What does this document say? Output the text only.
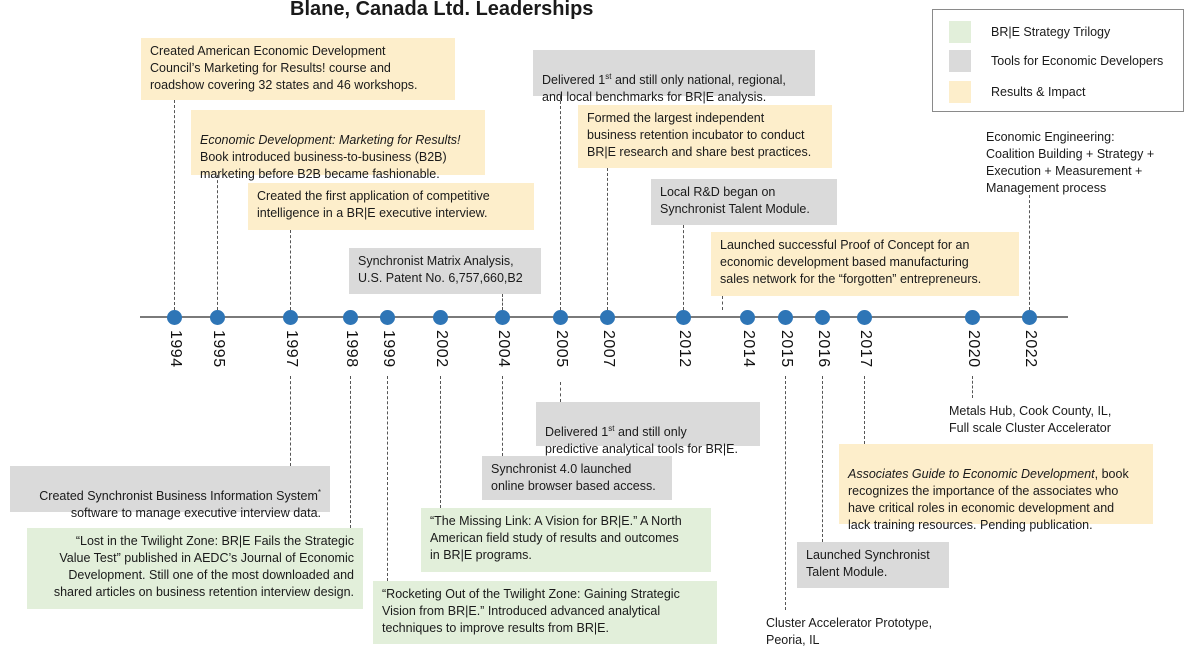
Blane, Canada Ltd. Leaderships
BR|E Strategy Trilogy
Tools for Economic Developers
Results & Impact
1994 1995	1997	1998 1999 2002	2004	2005 2007	2012	2014 2015 2016 2017	2020	2022
Created American Economic Development
Council’s Marketing for Results! course and
roadshow covering 32 states and 46 workshops.

Economic Development: Marketing for Results!

Book introduced business-to-business (B2B)
marketing before B2B became fashionable.

Created the first application of competitive
intelligence in a BR|E executive interview.
Synchronist Matrix Analysis,
U.S. Patent No. 6,757,660,B2

Delivered 1st and still only national, regional,
and local benchmarks for BR|E analysis.

Formed the largest independent
business retention incubator to conduct
BR|E research and share best practices.
Local R&D began on
Synchronist Talent Module.
Launched successful Proof of Concept for an
economic development based manufacturing
sales network for the “forgotten” entrepreneurs.
Economic Engineering:
Coalition Building + Strategy +
Execution + Measurement +
Management process

Delivered 1st and still only
predictive analytical tools for BR|E.

Metals Hub, Cook County, IL,
Full scale Cluster Accelerator
Synchronist 4.0 launched
online browser based access.

Created Synchronist Business Information System*
software to manage executive interview data.

Associates Guide to Economic Development, book
recognizes the importance of the associates who
have critical roles in economic development and
lack training resources. Pending publication.

“The Missing Link: A Vision for BR|E.” A North
American field study of results and outcomes
in BR|E programs.
“Lost in the Twilight Zone: BR|E Fails the Strategic
Value Test” published in AEDC’s Journal of Economic
Development. Still one of the most downloaded and
shared articles on business retention interview design.
Launched Synchronist
Talent Module.
“Rocketing Out of the Twilight Zone: Gaining Strategic
Vision from BR|E.” Introduced advanced analytical
techniques to improve results from BR|E.	Cluster Accelerator Prototype,
Peoria, IL
